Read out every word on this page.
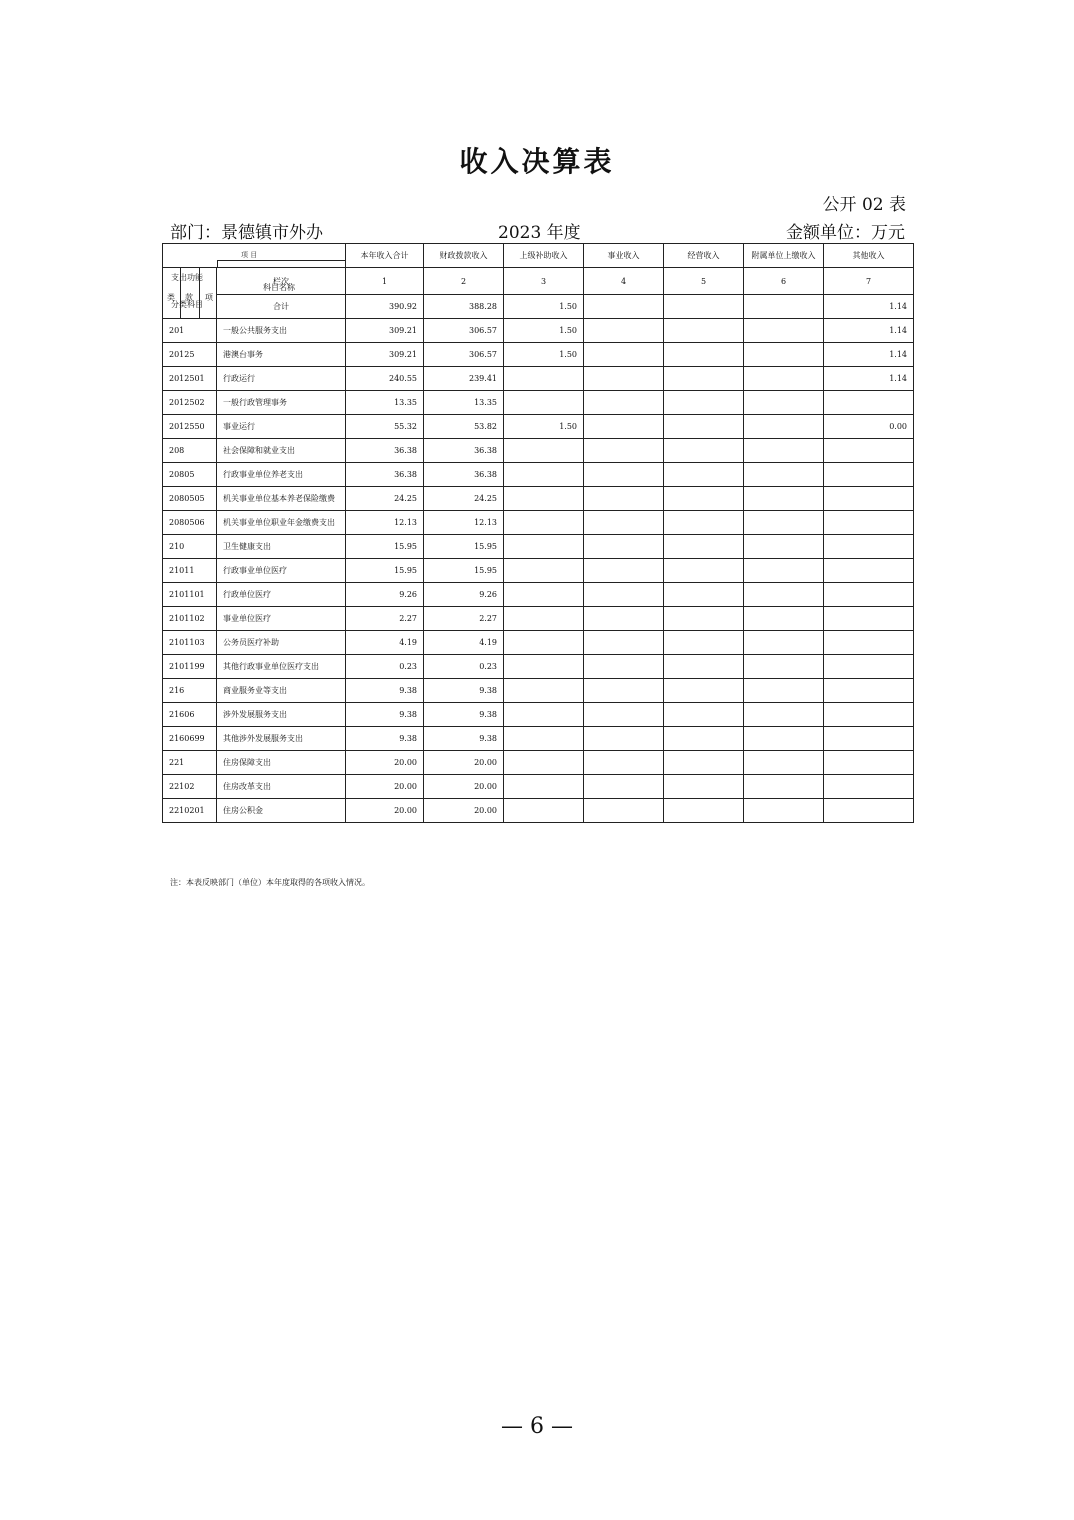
收入决算表
公开 02 表
部门：景德镇市外办	2023 年度	金额单位：万元
项 目
支出功能
分类科目
科目名称		本年收入合计	财政拨款收入	上级补助收入	事业收入	经营收入	附属单位上缴收入	其他收入

类 款 项	栏次	1	2	3	4	5	6	7
	合计	390.92	388.28	1.50				1.14
201	一般公共服务支出	309.21	306.57	1.50				1.14
20125	港澳台事务	309.21	306.57	1.50				1.14
2012501	行政运行	240.55	239.41					1.14
2012502	一般行政管理事务	13.35	13.35					
2012550	事业运行	55.32	53.82	1.50				0.00
208	社会保障和就业支出	36.38	36.38					
20805	行政事业单位养老支出	36.38	36.38					
2080505	机关事业单位基本养老保险缴费	24.25	24.25					
2080506	机关事业单位职业年金缴费支出	12.13	12.13					
210	卫生健康支出	15.95	15.95					
21011	行政事业单位医疗	15.95	15.95					
2101101	行政单位医疗	9.26	9.26					
2101102	事业单位医疗	2.27	2.27					
2101103	公务员医疗补助	4.19	4.19					
2101199	其他行政事业单位医疗支出	0.23	0.23					
216	商业服务业等支出	9.38	9.38					
21606	涉外发展服务支出	9.38	9.38					
2160699	其他涉外发展服务支出	9.38	9.38					
221	住房保障支出	20.00	20.00					
22102	住房改革支出	20.00	20.00					
2210201	住房公积金	20.00	20.00					
注：本表反映部门（单位）本年度取得的各项收入情况。
— 6 —
